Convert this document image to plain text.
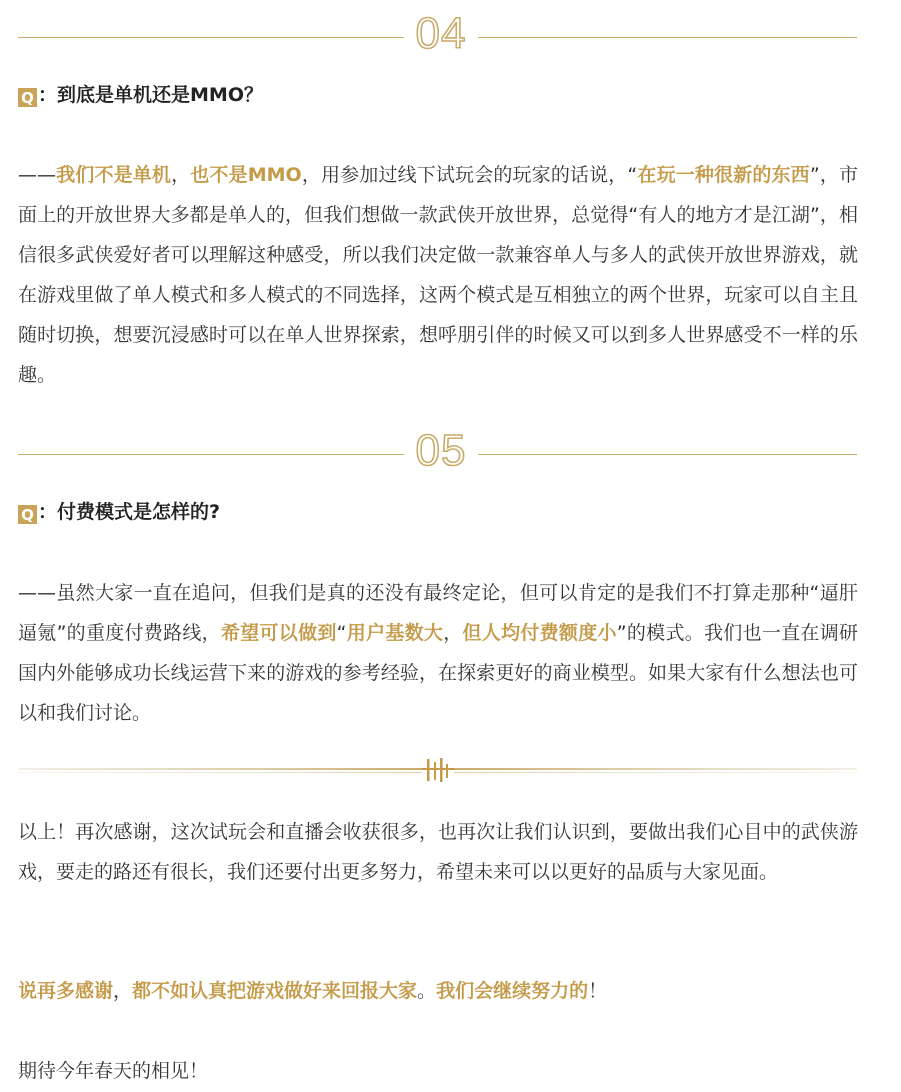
04
Q ：到底是单机还是MMO？
——我们不是单机，也不是MMO，用参加过线下试玩会的玩家的话说，“在玩一种很新的东西”，市面上的开放世界大多都是单人的，但我们想做一款武侠开放世界，总觉得“有人的地方才是江湖”，相信很多武侠爱好者可以理解这种感受，所以我们决定做一款兼容单人与多人的武侠开放世界游戏，就在游戏里做了单人模式和多人模式的不同选择，这两个模式是互相独立的两个世界，玩家可以自主且随时切换，想要沉浸感时可以在单人世界探索，想呼朋引伴的时候又可以到多人世界感受不一样的乐趣。
05
Q ：付费模式是怎样的?
——虽然大家一直在追问，但我们是真的还没有最终定论，但可以肯定的是我们不打算走那种“逼肝逼氪”的重度付费路线，希望可以做到“用户基数大，但人均付费额度小”的模式。我们也一直在调研国内外能够成功长线运营下来的游戏的参考经验，在探索更好的商业模型。如果大家有什么想法也可以和我们讨论。
以上！再次感谢，这次试玩会和直播会收获很多，也再次让我们认识到，要做出我们心目中的武侠游戏，要走的路还有很长，我们还要付出更多努力，希望未来可以以更好的品质与大家见面。
说再多感谢，都不如认真把游戏做好来回报大家。我们会继续努力的！
期待今年春天的相见！
